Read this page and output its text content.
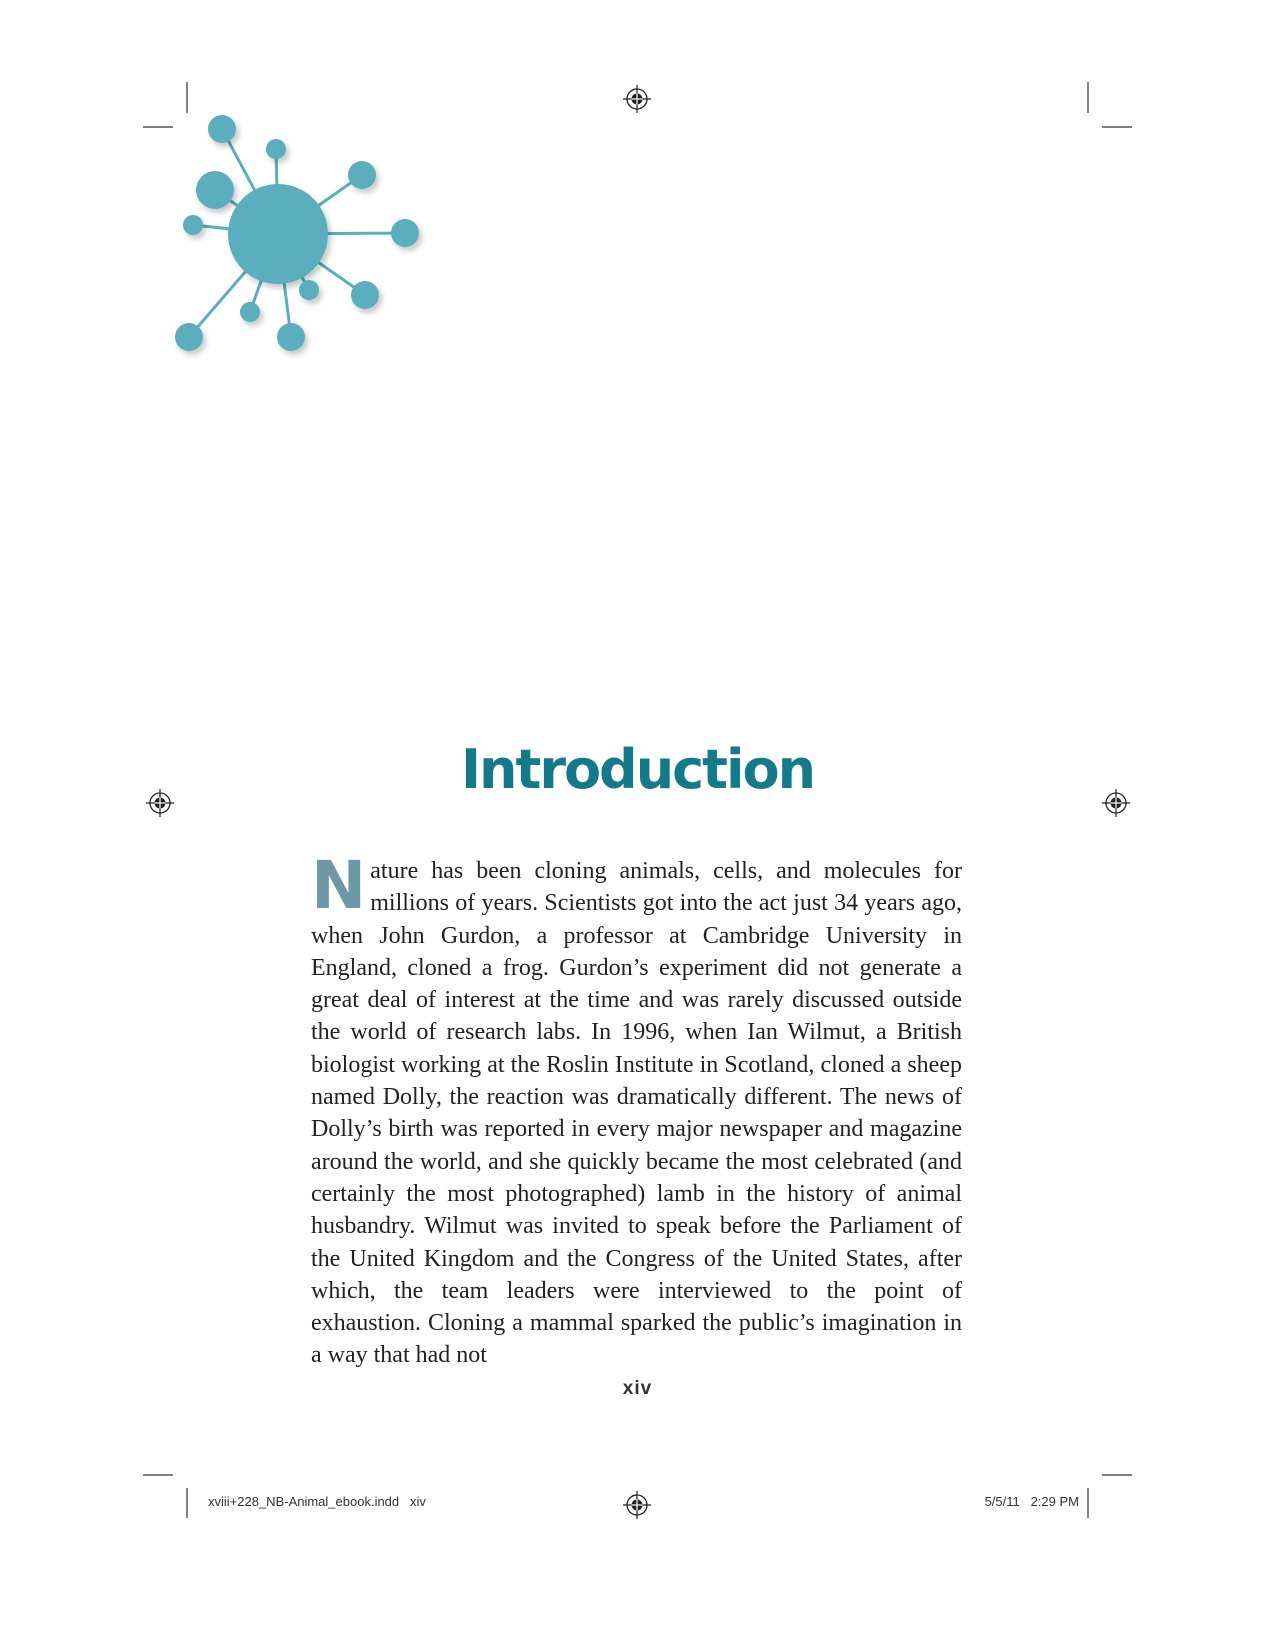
Introduction

Nature has been cloning animals, cells, and molecules for millions of years. Scientists got into the act just 34 years ago, when John Gurdon, a professor at Cambridge University in England, cloned a frog. Gurdon’s experiment did not generate a great deal of interest at the time and was rarely discussed outside the world of research labs. In 1996, when Ian Wilmut, a British biologist working at the Roslin Institute in Scotland, cloned a sheep named Dolly, the reaction was dramatically different. The news of Dolly’s birth was reported in every major newspaper and magazine around the world, and she quickly became the most celebrated (and certainly the most photographed) lamb in the history of animal husbandry. Wilmut was invited to speak before the Parliament of the United Kingdom and the Congress of the United States, after which, the team leaders were interviewed to the point of exhaustion. Cloning a mammal sparked the public’s imagination in a way that had not

xiv
xviii+228_NB-Animal_ebook.indd   xiv	5/5/11   2:29 PM
